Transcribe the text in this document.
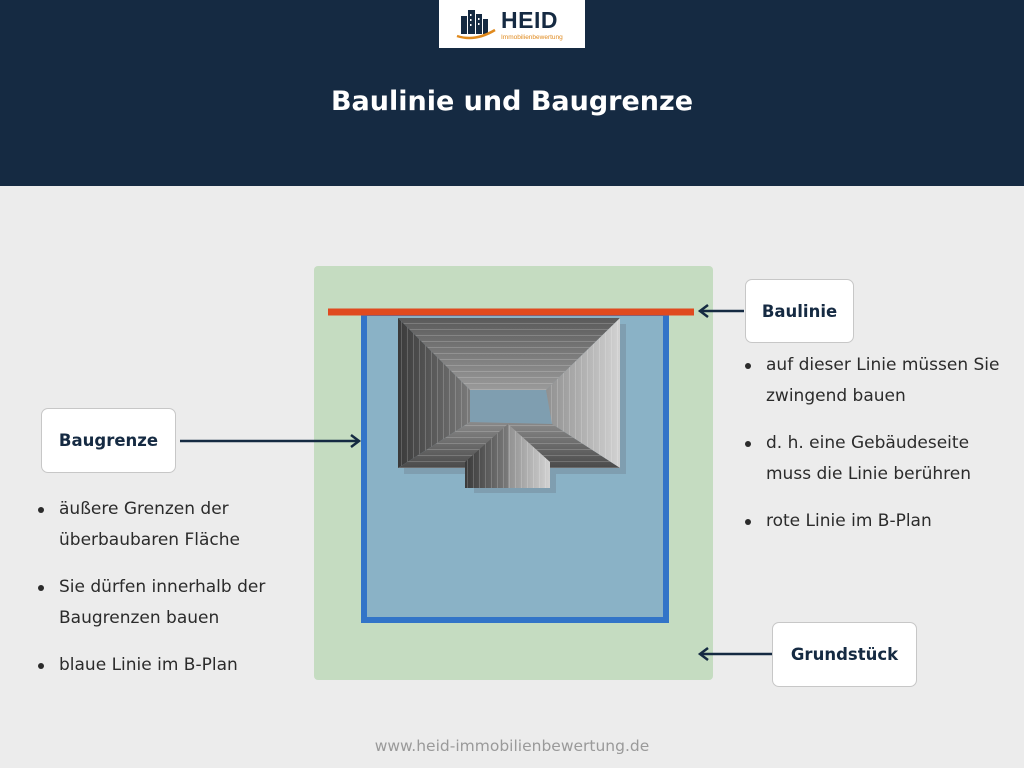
HEID
Immobilienbewertung
Baulinie und Baugrenze
Baulinie
Baugrenze
Grundstück
auf dieser Linie müssen Sie zwingend bauen
d. h. eine Gebäudeseite muss die Linie berühren
rote Linie im B-Plan
äußere Grenzen der überbaubaren Fläche
Sie dürfen innerhalb der Baugrenzen bauen
blaue Linie im B-Plan
www.heid-immobilienbewertung.de
